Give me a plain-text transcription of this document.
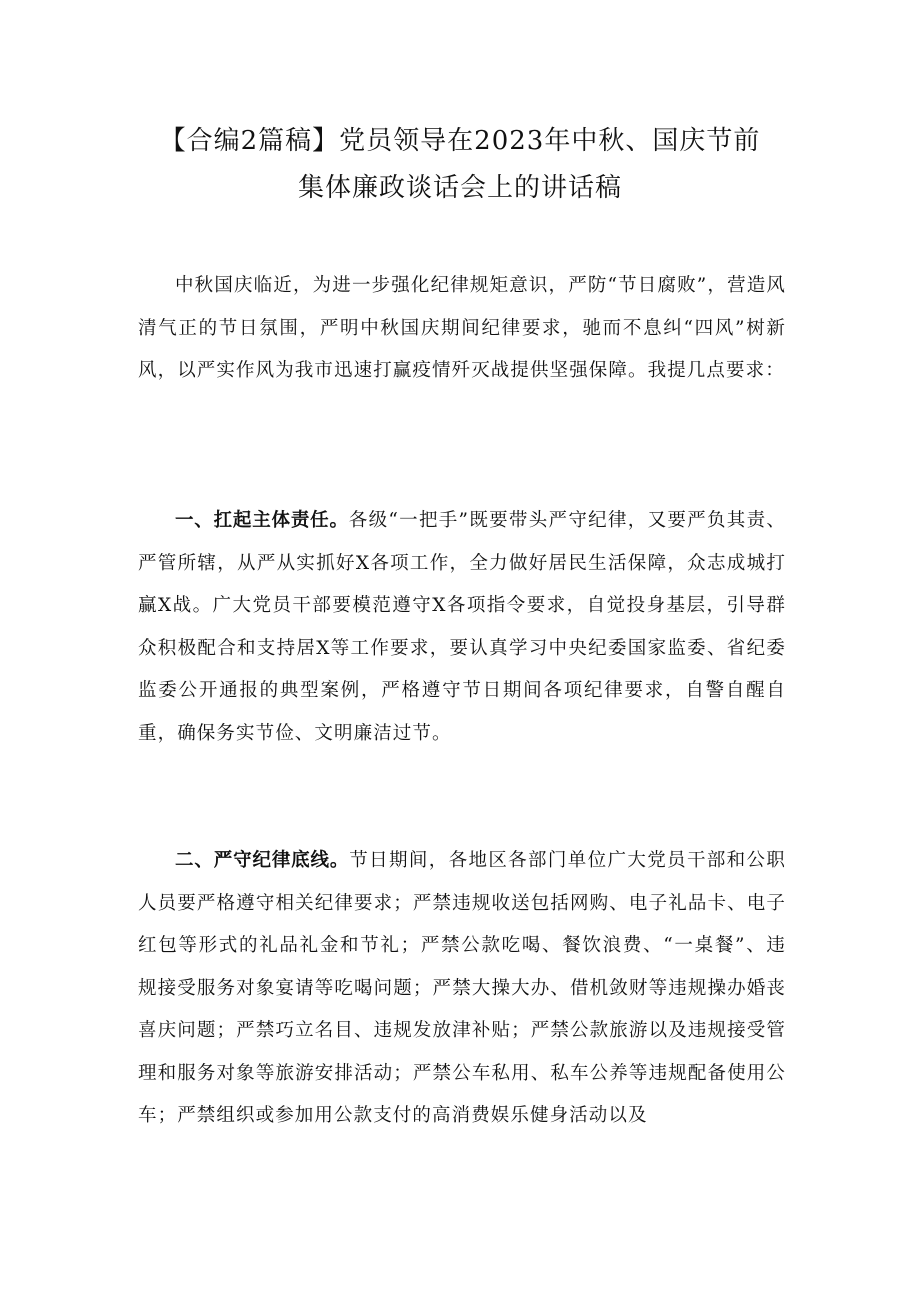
【合编2篇稿】党员领导在2023年中秋、国庆节前
集体廉政谈话会上的讲话稿

中秋国庆临近，为进一步强化纪律规矩意识，严防“节日腐败”，营造风清气正的节日氛围，严明中秋国庆期间纪律要求，驰而不息纠“四风”树新风，以严实作风为我市迅速打赢疫情歼灭战提供坚强保障。我提几点要求：

一、扛起主体责任。各级“一把手”既要带头严守纪律，又要严负其责、严管所辖，从严从实抓好X各项工作，全力做好居民生活保障，众志成城打赢X战。广大党员干部要模范遵守X各项指令要求，自觉投身基层，引导群众积极配合和支持居X等工作要求，要认真学习中央纪委国家监委、省纪委监委公开通报的典型案例，严格遵守节日期间各项纪律要求，自警自醒自重，确保务实节俭、文明廉洁过节。

二、严守纪律底线。节日期间，各地区各部门单位广大党员干部和公职人员要严格遵守相关纪律要求；严禁违规收送包括网购、电子礼品卡、电子红包等形式的礼品礼金和节礼；严禁公款吃喝、餐饮浪费、“一桌餐”、违规接受服务对象宴请等吃喝问题；严禁大操大办、借机敛财等违规操办婚丧喜庆问题；严禁巧立名目、违规发放津补贴；严禁公款旅游以及违规接受管理和服务对象等旅游安排活动；严禁公车私用、私车公养等违规配备使用公车；严禁组织或参加用公款支付的高消费娱乐健身活动以及
